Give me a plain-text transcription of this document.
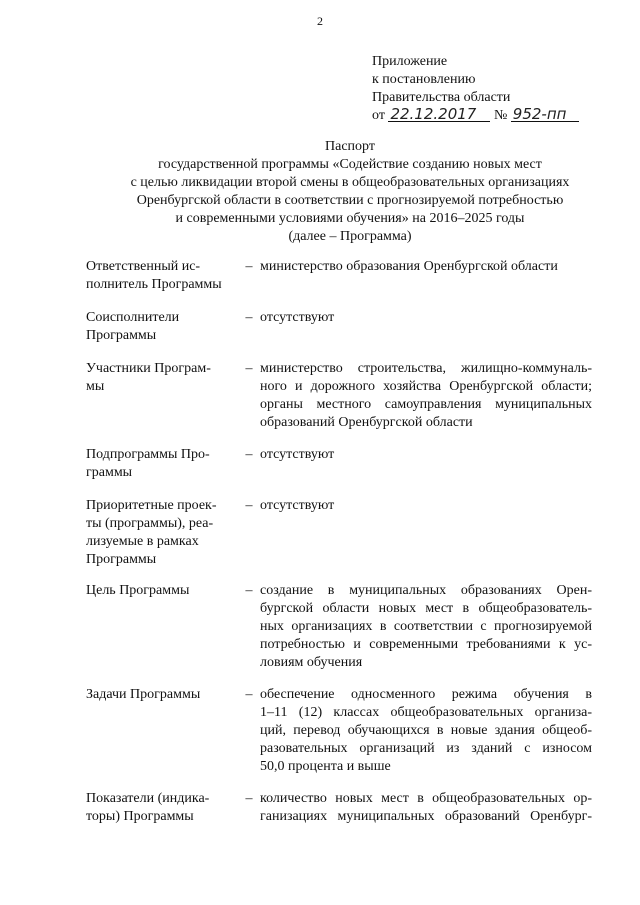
2
Приложение
к постановлению
Правительства области
от 22.12.2017 № 952-пп
Паспорт
государственной программы «Содействие созданию новых мест
с целью ликвидации второй смены в общеобразовательных организациях
Оренбургской области в соответствии с прогнозируемой потребностью
и современными условиями обучения» на 2016–2025 годы
(далее – Программа)
Ответственный ис-
полнитель Программы
– министерство образования Оренбургской области
Соисполнители
Программы
– отсутствуют
Участники Програм-
мы
– министерство строительства, жилищно-коммуналь-
ного и дорожного хозяйства Оренбургской области;
органы местного самоуправления муниципальных
образований Оренбургской области
Подпрограммы Про-
граммы
– отсутствуют
Приоритетные проек-
ты (программы), реа-
лизуемые в рамках
Программы
– отсутствуют
Цель Программы	– создание в муниципальных образованиях Орен-
бургской области новых мест в общеобразователь-
ных организациях в соответствии с прогнозируемой
потребностью и современными требованиями к ус-
ловиям обучения
Задачи Программы	– обеспечение односменного режима обучения в
1–11 (12) классах общеобразовательных организа-
ций, перевод обучающихся в новые здания общеоб-
разовательных организаций из зданий с износом
50,0 процента и выше
Показатели (индика-
торы) Программы
– количество новых мест в общеобразовательных ор-
ганизациях муниципальных образований Оренбург-
